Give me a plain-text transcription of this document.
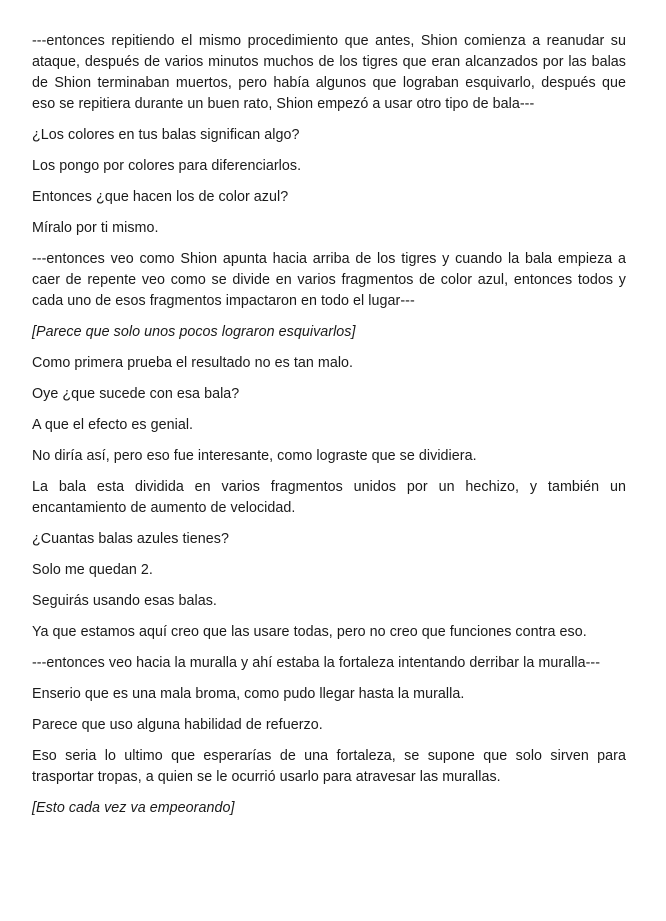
---entonces repitiendo el mismo procedimiento que antes, Shion comienza a reanudar su ataque, después de varios minutos muchos de los tigres que eran alcanzados por las balas de Shion terminaban muertos, pero había algunos que lograban esquivarlo, después que eso se repitiera durante un buen rato, Shion empezó a usar otro tipo de bala---

¿Los colores en tus balas significan algo?

Los pongo por colores para diferenciarlos.

Entonces ¿que hacen los de color azul?

Míralo por ti mismo.

---entonces veo como Shion apunta hacia arriba de los tigres y cuando la bala empieza a caer de repente veo como se divide en varios fragmentos de color azul, entonces todos y cada uno de esos fragmentos impactaron en todo el lugar---

[Parece que solo unos pocos lograron esquivarlos]

Como primera prueba el resultado no es tan malo.

Oye ¿que sucede con esa bala?

A que el efecto es genial.

No diría así, pero eso fue interesante, como lograste que se dividiera.

La bala esta dividida en varios fragmentos unidos por un hechizo, y también un encantamiento de aumento de velocidad.

¿Cuantas balas azules tienes?

Solo me quedan 2.

Seguirás usando esas balas.

Ya que estamos aquí creo que las usare todas, pero no creo que funciones contra eso.

---entonces veo hacia la muralla y ahí estaba la fortaleza intentando derribar la muralla---

Enserio que es una mala broma, como pudo llegar hasta la muralla.

Parece que uso alguna habilidad de refuerzo.

Eso seria lo ultimo que esperarías de una fortaleza, se supone que solo sirven para trasportar tropas, a quien se le ocurrió usarlo para atravesar las murallas.

[Esto cada vez va empeorando]
